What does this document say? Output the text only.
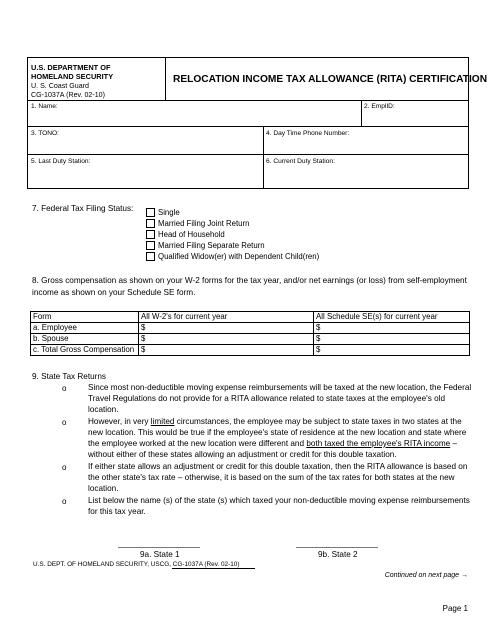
U.S. DEPARTMENT OF
HOMELAND SECURITY
U. S. Coast Guard
CG-1037A (Rev. 02-10)
RELOCATION INCOME TAX ALLOWANCE (RITA) CERTIFICATION
1. Name:	2. EmplID:
3. TONO:	4. Day Time Phone Number:
5. Last Duty Station:	6. Current Duty Station:
7. Federal Tax Filing Status:	Single
Married Filing Joint Return
Head of Household
Married Filing Separate Return
Qualified Widow(er) with Dependent Child(ren)
8. Gross compensation as shown on your W-2 forms for the tax year, and/or net earnings (or loss) from self-employment
income as shown on your Schedule SE form.
Form	All W-2's for current year	All Schedule SE(s) for current year
a. Employee	$	$
b. Spouse	$	$
c. Total Gross Compensation	$	$
9. State Tax Returns
o	Since most non-deductible moving expense reimbursements will be taxed at the new location, the Federal
Travel Regulations do not provide for a RITA allowance related to state taxes at the employee's old
location.
o	However, in very limited circumstances, the employee may be subject to state taxes in two states at the
new location. This would be true if the employee's state of residence at the new location and state where
the employee worked at the new location were different and both taxed the employee's RITA income –
without either of these states allowing an adjustment or credit for this double taxation.
o	If either state allows an adjustment or credit for this double taxation, then the RITA allowance is based on
the other state's tax rate – otherwise, it is based on the sum of the tax rates for both states at the new
location.
o	List below the name (s) of the state (s) which taxed your non-deductible moving expense reimbursements
for this tax year.
9a. State 1	9b. State 2
U.S. DEPT. OF HOMELAND SECURITY, USCG, CG-1037A (Rev. 02-10)
Continued on next page →
Page 1
